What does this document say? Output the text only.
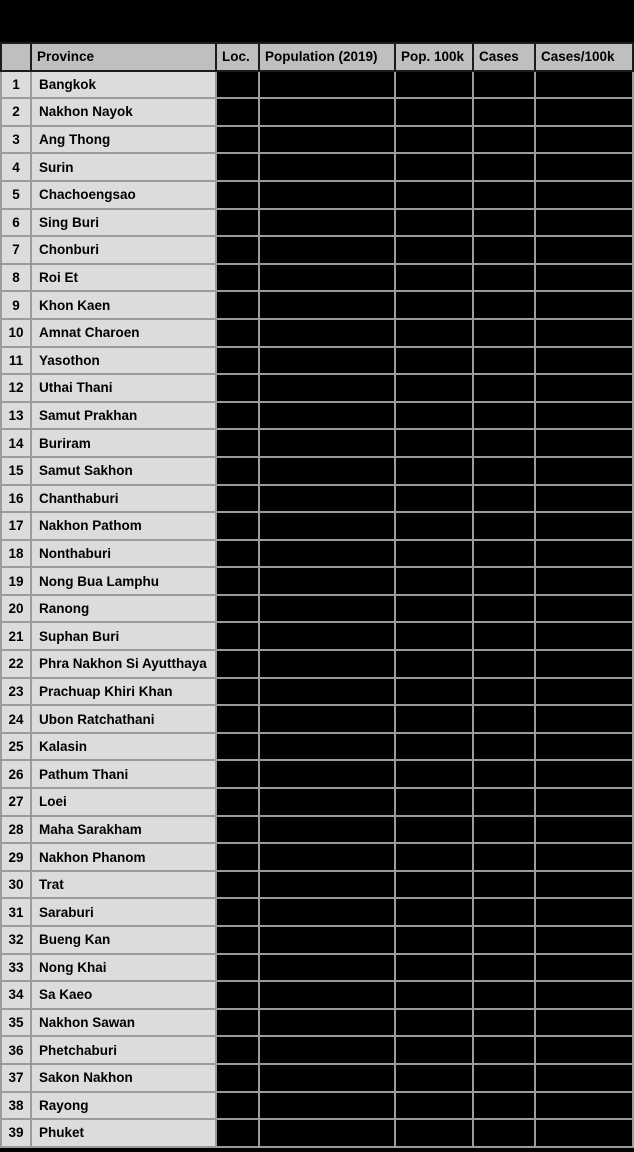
	Province	Loc.	Population (2019)	Pop. 100k	Cases	Cases/100k
1	Bangkok					
2	Nakhon Nayok					
3	Ang Thong					
4	Surin					
5	Chachoengsao					
6	Sing Buri					
7	Chonburi					
8	Roi Et					
9	Khon Kaen					
10	Amnat Charoen					
11	Yasothon					
12	Uthai Thani					
13	Samut Prakhan					
14	Buriram					
15	Samut Sakhon					
16	Chanthaburi					
17	Nakhon Pathom					
18	Nonthaburi					
19	Nong Bua Lamphu					
20	Ranong					
21	Suphan Buri					
22	Phra Nakhon Si Ayutthaya					
23	Prachuap Khiri Khan					
24	Ubon Ratchathani					
25	Kalasin					
26	Pathum Thani					
27	Loei					
28	Maha Sarakham					
29	Nakhon Phanom					
30	Trat					
31	Saraburi					
32	Bueng Kan					
33	Nong Khai					
34	Sa Kaeo					
35	Nakhon Sawan					
36	Phetchaburi					
37	Sakon Nakhon					
38	Rayong					
39	Phuket					
